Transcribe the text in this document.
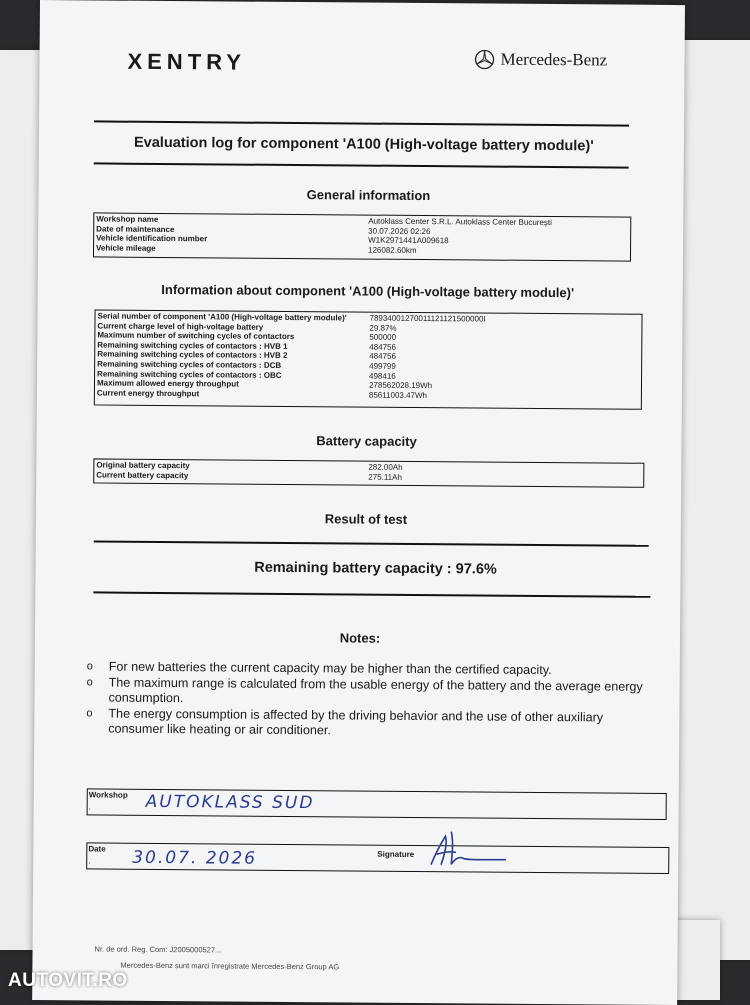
XENTRY	Mercedes-Benz
Evaluation log for component 'A100 (High-voltage battery module)'
General information
Workshop name	Autoklass Center S.R.L. Autoklass Center București
Date of maintenance	30.07.2026 02:26
Vehicle identification number	W1K2971441A009618
Vehicle mileage	126082.60km
Information about component 'A100 (High-voltage battery module)'
Serial number of component 'A100 (High-voltage battery module)'	78934001270011121121500000I
Current charge level of high-voltage battery	29.87%
Maximum number of switching cycles of contactors	500000
Remaining switching cycles of contactors : HVB 1	484756
Remaining switching cycles of contactors : HVB 2	484756
Remaining switching cycles of contactors : DCB	499799
Remaining switching cycles of contactors : OBC	498416
Maximum allowed energy throughput	278562028.19Wh
Current energy throughput	85611003.47Wh
Battery capacity
Original battery capacity	282.00Ah
Current battery capacity	275.11Ah
Result of test
Remaining battery capacity : 97.6%
Notes:
o	For new batteries the current capacity may be higher than the certified capacity.
o	The maximum range is calculated from the usable energy of the battery and the average energy consumption.
o	The energy consumption is affected by the driving behavior and the use of other auxiliary consumer like heating or air conditioner.
Workshop
.	AUTOKLASS SUD
Date
. 30.07. 2026	Signature
Nr. de ord. Reg. Com: J2005000527...
Mercedes-Benz sunt marci înregistrate Mercedes-Benz Group AG
AUTOVIT.RO
